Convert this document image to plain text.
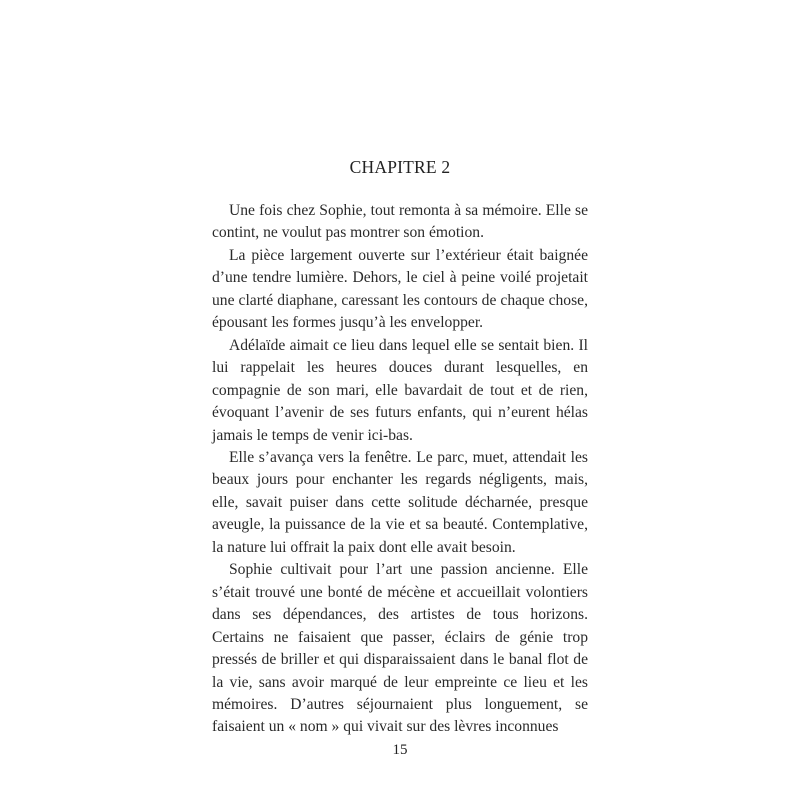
CHAPITRE 2

Une fois chez Sophie, tout remonta à sa mémoire. Elle se contint, ne voulut pas montrer son émotion.

La pièce largement ouverte sur l’extérieur était baignée d’une tendre lumière. Dehors, le ciel à peine voilé projetait une clarté diaphane, caressant les contours de chaque chose, épousant les formes jusqu’à les envelopper.

Adélaïde aimait ce lieu dans lequel elle se sentait bien. Il lui rappelait les heures douces durant lesquelles, en compagnie de son mari, elle bavardait de tout et de rien, évoquant l’avenir de ses futurs enfants, qui n’eurent hélas jamais le temps de venir ici-bas.

Elle s’avança vers la fenêtre. Le parc, muet, attendait les beaux jours pour enchanter les regards négligents, mais, elle, savait puiser dans cette solitude décharnée, presque aveugle, la puissance de la vie et sa beauté. Contemplative, la nature lui offrait la paix dont elle avait besoin.

Sophie cultivait pour l’art une passion ancienne. Elle s’était trouvé une bonté de mécène et accueillait volontiers dans ses dépendances, des artistes de tous horizons. Certains ne faisaient que passer, éclairs de génie trop pressés de briller et qui disparaissaient dans le banal flot de la vie, sans avoir marqué de leur empreinte ce lieu et les mémoires. D’autres séjournaient plus longuement, se faisaient un « nom » qui vivait sur des lèvres inconnues

15
